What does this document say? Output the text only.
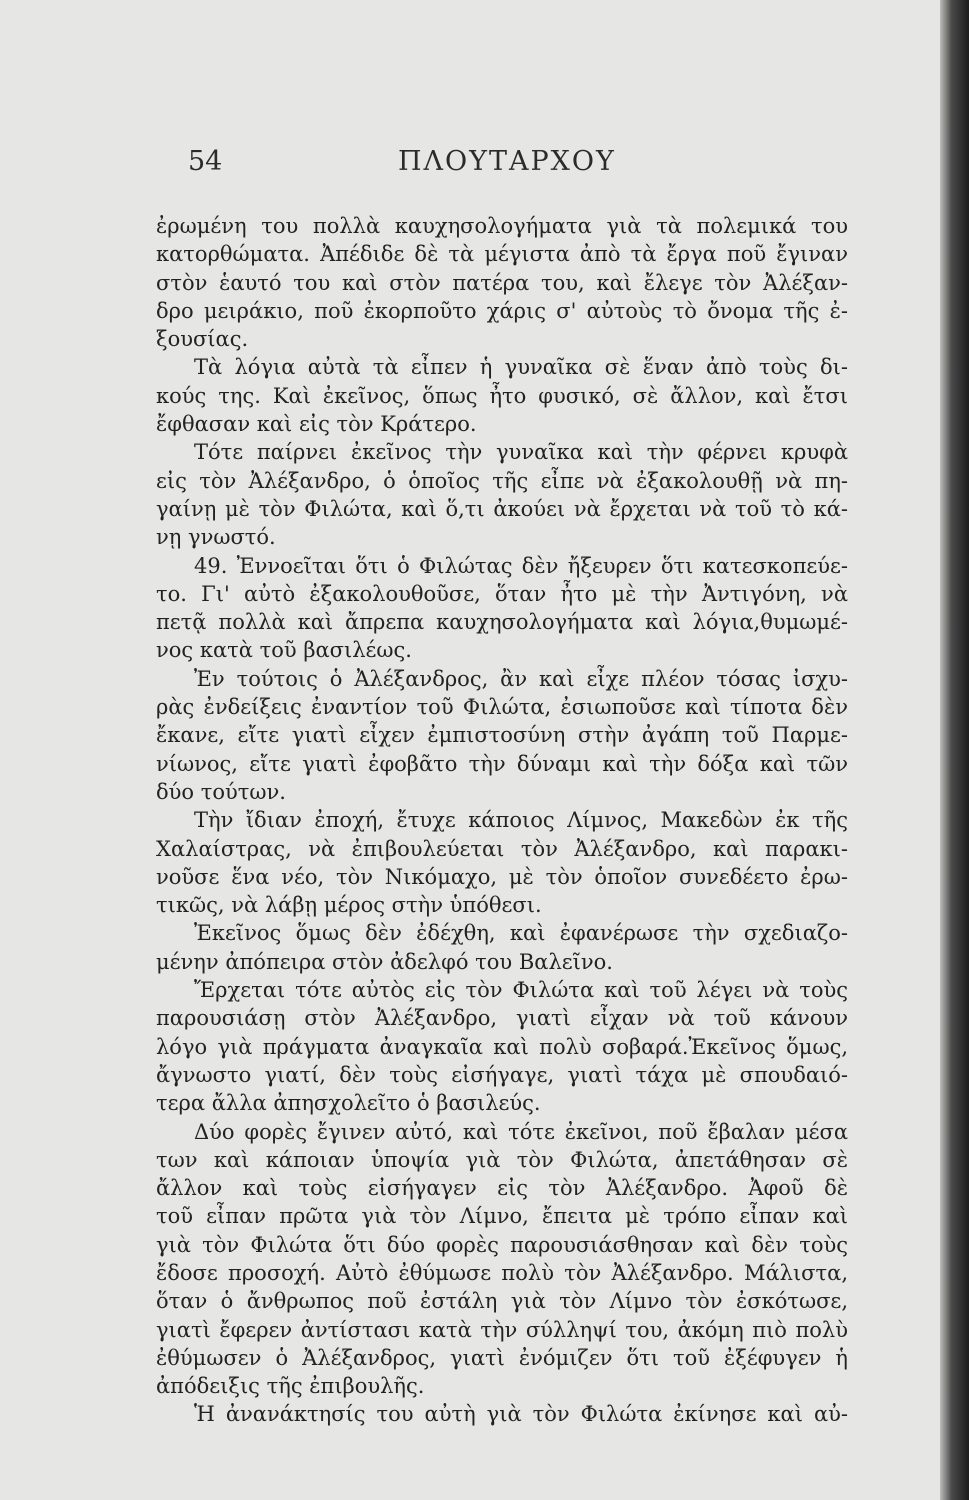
54	ΠΛΟΥΤΑΡΧΟΥ
ἐρωμένη του πολλὰ καυχησολογήματα γιὰ τὰ πολεμικά του
κατορθώματα. Ἀπέδιδε δὲ τὰ μέγιστα ἀπὸ τὰ ἔργα ποῦ ἔγιναν
στὸν ἑαυτό του καὶ στὸν πατέρα του, καὶ ἔλεγε τὸν Ἀλέξαν-
δρο μειράκιο, ποῦ ἐκορποῦτο χάρις σ' αὐτοὺς τὸ ὄνομα τῆς ἐ-
ξουσίας.
Τὰ λόγια αὐτὰ τὰ εἶπεν ἡ γυναῖκα σὲ ἕναν ἀπὸ τοὺς δι-
κούς της. Καὶ ἐκεῖνος, ὅπως ἦτο φυσικό, σὲ ἄλλον, καὶ ἔτσι
ἔφθασαν καὶ εἰς τὸν Κράτερο.
Τότε παίρνει ἐκεῖνος τὴν γυναῖκα καὶ τὴν φέρνει κρυφὰ
εἰς τὸν Ἀλέξανδρο, ὁ ὁποῖος τῆς εἶπε νὰ ἐξακολουθῇ νὰ πη-
γαίνῃ μὲ τὸν Φιλώτα, καὶ ὅ,τι ἀκούει νὰ ἔρχεται νὰ τοῦ τὸ κά-
νῃ γνωστό.
49. Ἐννοεῖται ὅτι ὁ Φιλώτας δὲν ἤξευρεν ὅτι κατεσκοπεύε-
το. Γι' αὐτὸ ἐξακολουθοῦσε, ὅταν ἦτο μὲ τὴν Ἀντιγόνη, νὰ
πετᾷ πολλὰ καὶ ἄπρεπα καυχησολογήματα καὶ λόγια,θυμωμέ-
νος κατὰ τοῦ βασιλέως.
Ἐν τούτοις ὁ Ἀλέξανδρος, ἂν καὶ εἶχε πλέον τόσας ἰσχυ-
ρὰς ἐνδείξεις ἐναντίον τοῦ Φιλώτα, ἐσιωποῦσε καὶ τίποτα δὲν
ἔκανε, εἴτε γιατὶ εἶχεν ἐμπιστοσύνη στὴν ἀγάπη τοῦ Παρμε-
νίωνος, εἴτε γιατὶ ἐφοβᾶτο τὴν δύναμι καὶ τὴν δόξα καὶ τῶν
δύο τούτων.
Τὴν ἴδιαν ἐποχή, ἔτυχε κάποιος Λίμνος, Μακεδὼν ἐκ τῆς
Χαλαίστρας, νὰ ἐπιβουλεύεται τὸν Ἀλέξανδρο, καὶ παρακι-
νοῦσε ἕνα νέο, τὸν Νικόμαχο, μὲ τὸν ὁποῖον συνεδέετο ἐρω-
τικῶς, νὰ λάβῃ μέρος στὴν ὑπόθεσι.
Ἐκεῖνος ὅμως δὲν ἐδέχθη, καὶ ἐφανέρωσε τὴν σχεδιαζο-
μένην ἀπόπειρα στὸν ἀδελφό του Βαλεῖνο.
Ἔρχεται τότε αὐτὸς εἰς τὸν Φιλώτα καὶ τοῦ λέγει νὰ τοὺς
παρουσιάσῃ στὸν Ἀλέξανδρο, γιατὶ εἶχαν νὰ τοῦ κάνουν
λόγο γιὰ πράγματα ἀναγκαῖα καὶ πολὺ σοβαρά.Ἐκεῖνος ὅμως,
ἄγνωστο γιατί, δὲν τοὺς εἰσήγαγε, γιατὶ τάχα μὲ σπουδαιό-
τερα ἄλλα ἀπησχολεῖτο ὁ βασιλεύς.
Δύο φορὲς ἔγινεν αὐτό, καὶ τότε ἐκεῖνοι, ποῦ ἔβαλαν μέσα
των καὶ κάποιαν ὑποψία γιὰ τὸν Φιλώτα, ἀπετάθησαν σὲ
ἄλλον καὶ τοὺς εἰσήγαγεν εἰς τὸν Ἀλέξανδρο. Ἀφοῦ δὲ
τοῦ εἶπαν πρῶτα γιὰ τὸν Λίμνο, ἔπειτα μὲ τρόπο εἶπαν καὶ
γιὰ τὸν Φιλώτα ὅτι δύο φορὲς παρουσιάσθησαν καὶ δὲν τοὺς
ἔδοσε προσοχή. Αὐτὸ ἐθύμωσε πολὺ τὸν Ἀλέξανδρο. Μάλιστα,
ὅταν ὁ ἄνθρωπος ποῦ ἐστάλη γιὰ τὸν Λίμνο τὸν ἐσκότωσε,
γιατὶ ἔφερεν ἀντίστασι κατὰ τὴν σύλληψί του, ἀκόμη πιὸ πολὺ
ἐθύμωσεν ὁ Ἀλέξανδρος, γιατὶ ἐνόμιζεν ὅτι τοῦ ἐξέφυγεν ἡ
ἀπόδειξις τῆς ἐπιβουλῆς.
Ἡ ἀνανάκτησίς του αὐτὴ γιὰ τὸν Φιλώτα ἐκίνησε καὶ αὐ-
